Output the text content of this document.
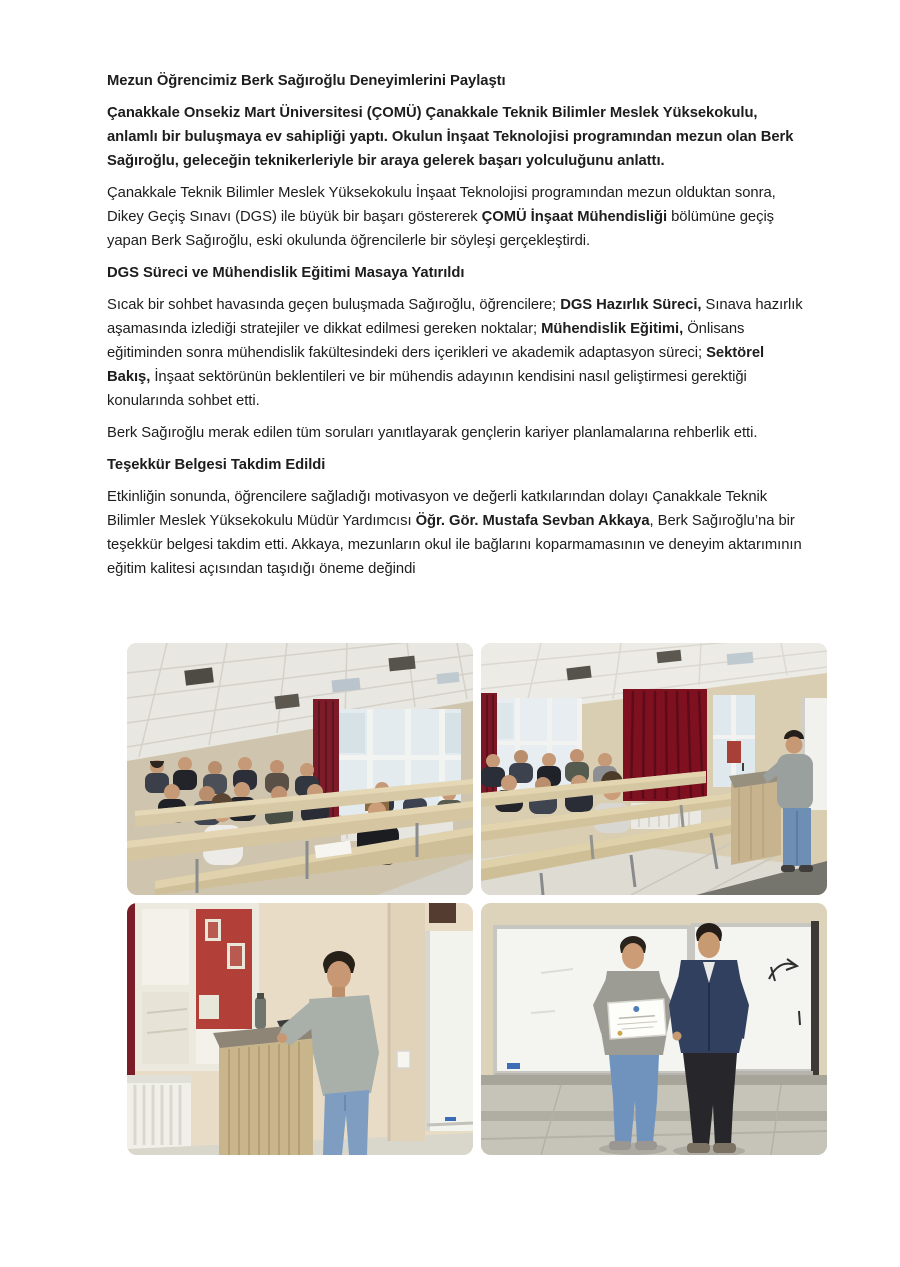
Mezun Öğrencimiz Berk Sağıroğlu Deneyimlerini Paylaştı

Çanakkale Onsekiz Mart Üniversitesi (ÇOMÜ) Çanakkale Teknik Bilimler Meslek Yüksekokulu, anlamlı bir buluşmaya ev sahipliği yaptı. Okulun İnşaat Teknolojisi programından mezun olan Berk Sağıroğlu, geleceğin teknikerleriyle bir araya gelerek başarı yolculuğunu anlattı.

Çanakkale Teknik Bilimler Meslek Yüksekokulu İnşaat Teknolojisi programından mezun olduktan sonra, Dikey Geçiş Sınavı (DGS) ile büyük bir başarı göstererek ÇOMÜ İnşaat Mühendisliği bölümüne geçiş yapan Berk Sağıroğlu, eski okulunda öğrencilerle bir söyleşi gerçekleştirdi.

DGS Süreci ve Mühendislik Eğitimi Masaya Yatırıldı

Sıcak bir sohbet havasında geçen buluşmada Sağıroğlu, öğrencilere; DGS Hazırlık Süreci, Sınava hazırlık aşamasında izlediği stratejiler ve dikkat edilmesi gereken noktalar; Mühendislik Eğitimi, Önlisans eğitiminden sonra mühendislik fakültesindeki ders içerikleri ve akademik adaptasyon süreci; Sektörel Bakış, İnşaat sektörünün beklentileri ve bir mühendis adayının kendisini nasıl geliştirmesi gerektiği konularında sohbet etti.

Berk Sağıroğlu merak edilen tüm soruları yanıtlayarak gençlerin kariyer planlamalarına rehberlik etti.

Teşekkür Belgesi Takdim Edildi

Etkinliğin sonunda, öğrencilere sağladığı motivasyon ve değerli katkılarından dolayı Çanakkale Teknik Bilimler Meslek Yüksekokulu Müdür Yardımcısı Öğr. Gör. Mustafa Sevban Akkaya, Berk Sağıroğlu’na bir teşekkür belgesi takdim etti. Akkaya, mezunların okul ile bağlarını koparmamasının ve deneyim aktarımının eğitim kalitesi açısından taşıdığı öneme değindi
